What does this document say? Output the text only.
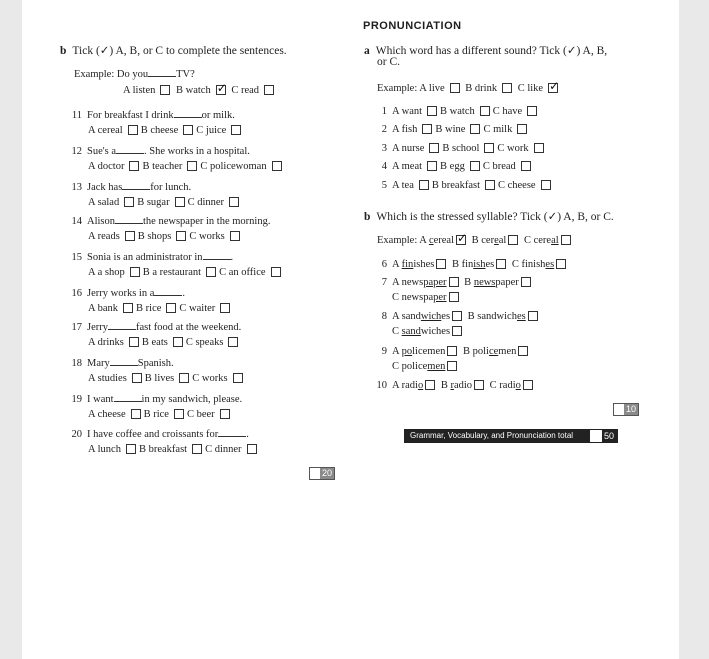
b Tick (✓) A, B, or C to complete the sentences.
Example: Do you	TV?
A listen B watch ✓ C read
11 For breakfast I drink	or milk.
A cereal B cheese C juice
12 Sue's a	. She works in a hospital.
A doctor B teacher C policewoman
13 Jack has	for lunch.
A salad B sugar C dinner
14 Alison	the newspaper in the morning.
A reads B shops C works
15 Sonia is an administrator in	.
A a shop B a restaurant C an office
16 Jerry works in a	.
A bank B rice C waiter
17 Jerry	fast food at the weekend.
A drinks B eats C speaks
18 Mary	Spanish.
A studies B lives C works
19 I want	in my sandwich, please.
A cheese B rice C beer
20 I have coffee and croissants for	.
A lunch B breakfast C dinner
20
PRONUNCIATION
a Which word has a different sound? Tick (✓) A, B,
or C.
Example: A live B drink C like✓
1 A want B watch C have
2 A fish B wine C milk
3 A nurse B school C work
4 A meat B egg C bread
5 A tea B breakfast C cheese
b Which is the stressed syllable? Tick (✓) A, B, or C.
Example: A cereal ✓ B cereal C cereal
6 A finishes B finishes C finishes
7 A newspaper B newspaper
C newspaper
8 A sandwiches B sandwiches
C sandwiches
9 A policemen B policemen
C policemen
10 A radio B radio C radio
10
Grammar, Vocabulary, and Pronunciation total	50
